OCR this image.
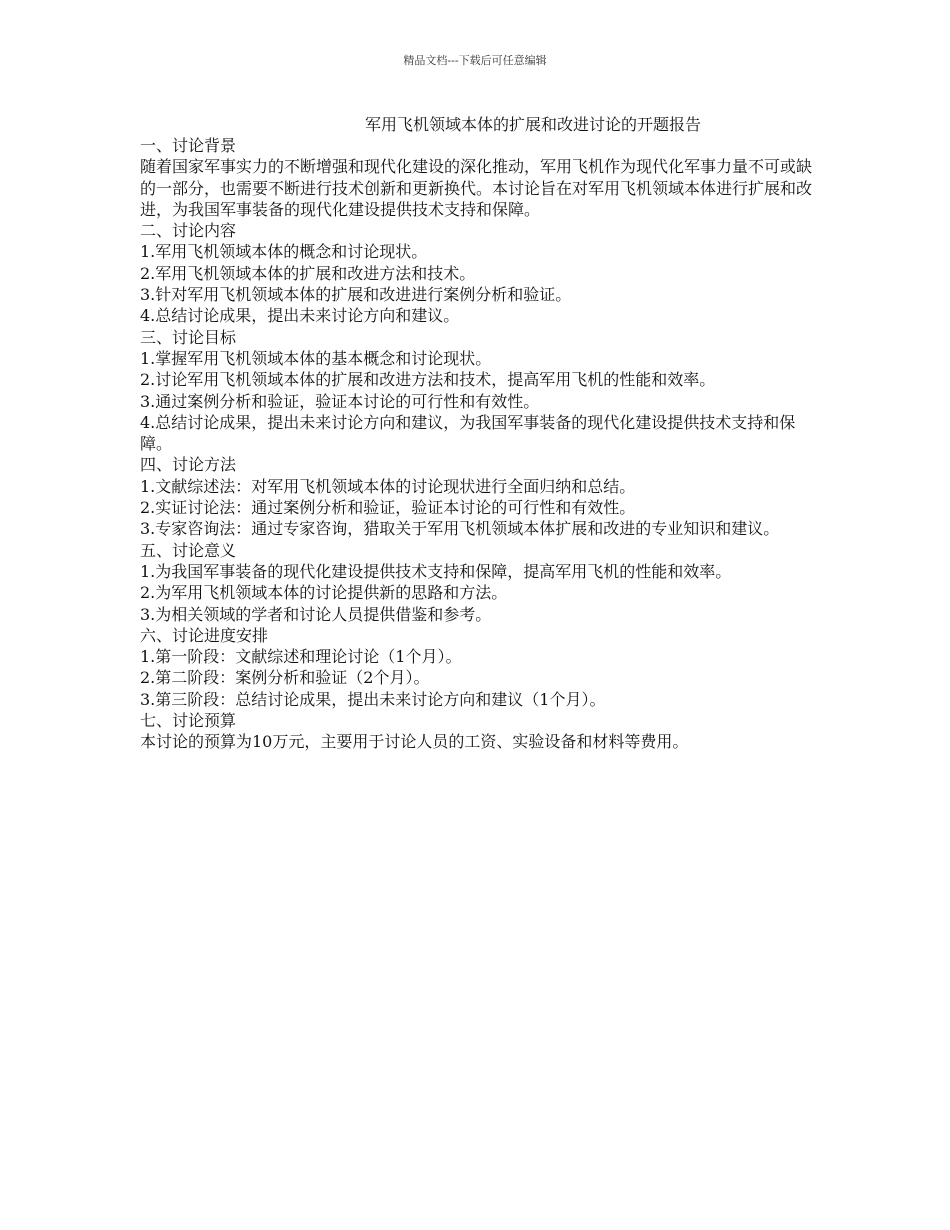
精品文档---下载后可任意编辑
军用飞机领域本体的扩展和改进讨论的开题报告

一、讨论背景

随着国家军事实力的不断增强和现代化建设的深化推动，军用飞机作为现代化军事力量不可或缺的一部分，也需要不断进行技术创新和更新换代。本讨论旨在对军用飞机领域本体进行扩展和改进，为我国军事装备的现代化建设提供技术支持和保障。

二、讨论内容

1.军用飞机领域本体的概念和讨论现状。

2.军用飞机领域本体的扩展和改进方法和技术。

3.针对军用飞机领域本体的扩展和改进进行案例分析和验证。

4.总结讨论成果，提出未来讨论方向和建议。

三、讨论目标

1.掌握军用飞机领域本体的基本概念和讨论现状。

2.讨论军用飞机领域本体的扩展和改进方法和技术，提高军用飞机的性能和效率。

3.通过案例分析和验证，验证本讨论的可行性和有效性。

4.总结讨论成果，提出未来讨论方向和建议，为我国军事装备的现代化建设提供技术支持和保障。

四、讨论方法

1.文献综述法：对军用飞机领域本体的讨论现状进行全面归纳和总结。

2.实证讨论法：通过案例分析和验证，验证本讨论的可行性和有效性。

3.专家咨询法：通过专家咨询，猎取关于军用飞机领域本体扩展和改进的专业知识和建议。

五、讨论意义

1.为我国军事装备的现代化建设提供技术支持和保障，提高军用飞机的性能和效率。

2.为军用飞机领域本体的讨论提供新的思路和方法。

3.为相关领域的学者和讨论人员提供借鉴和参考。

六、讨论进度安排

1.第一阶段：文献综述和理论讨论（1个月）。

2.第二阶段：案例分析和验证（2个月）。

3.第三阶段：总结讨论成果，提出未来讨论方向和建议（1个月）。

七、讨论预算

本讨论的预算为10万元，主要用于讨论人员的工资、实验设备和材料等费用。
